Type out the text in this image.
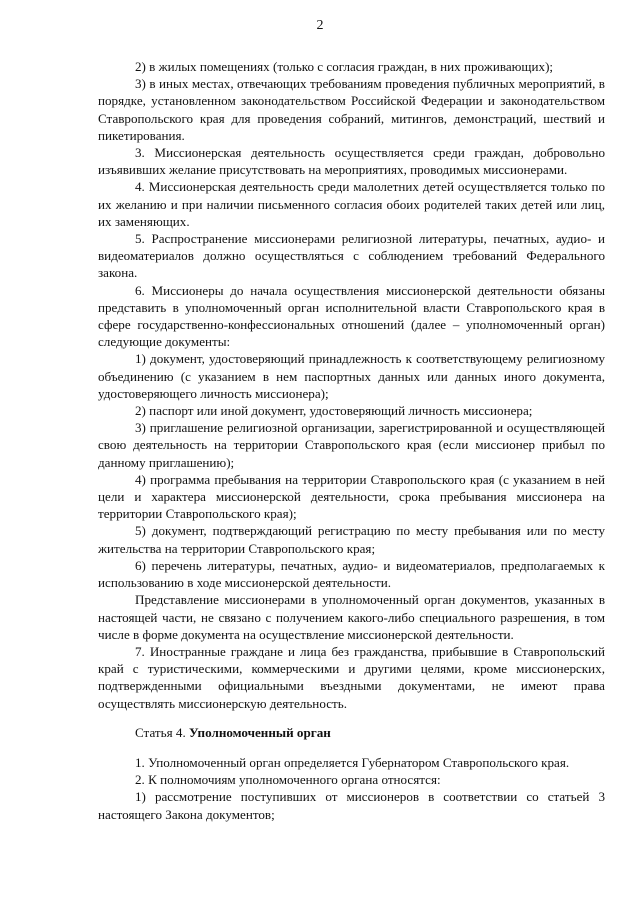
2

2) в жилых помещениях (только с согласия граждан, в них проживающих);

3) в иных местах, отвечающих требованиям проведения публичных мероприятий, в порядке, установленном законодательством Российской Федерации и законодательством Ставропольского края для проведения собраний, митингов, демонстраций, шествий и пикетирования.

3. Миссионерская деятельность осуществляется среди граждан, добровольно изъявивших желание присутствовать на мероприятиях, проводимых миссионерами.

4. Миссионерская деятельность среди малолетних детей осуществляется только по их желанию и при наличии письменного согласия обоих родителей таких детей или лиц, их заменяющих.

5. Распространение миссионерами религиозной литературы, печатных, аудио- и видеоматериалов должно осуществляться с соблюдением требований Федерального закона.

6. Миссионеры до начала осуществления миссионерской деятельности обязаны представить в уполномоченный орган исполнительной власти Ставропольского края в сфере государственно-конфессиональных отношений (далее – уполномоченный орган) следующие документы:

1) документ, удостоверяющий принадлежность к соответствующему религиозному объединению (с указанием в нем паспортных данных или данных иного документа, удостоверяющего личность миссионера);

2) паспорт или иной документ, удостоверяющий личность миссионера;

3) приглашение религиозной организации, зарегистрированной и осуществляющей свою деятельность на территории Ставропольского края (если миссионер прибыл по данному приглашению);

4) программа пребывания на территории Ставропольского края (с указанием в ней цели и характера миссионерской деятельности, срока пребывания миссионера на территории Ставропольского края);

5) документ, подтверждающий регистрацию по месту пребывания или по месту жительства на территории Ставропольского края;

6) перечень литературы, печатных, аудио- и видеоматериалов, предполагаемых к использованию в ходе миссионерской деятельности.

Представление миссионерами в уполномоченный орган документов, указанных в настоящей части, не связано с получением какого-либо специального разрешения, в том числе в форме документа на осуществление миссионерской деятельности.

7. Иностранные граждане и лица без гражданства, прибывшие в Ставропольский край с туристическими, коммерческими и другими целями, кроме миссионерских, подтвержденными официальными въездными документами, не имеют права осуществлять миссионерскую деятельность.

Статья 4. Уполномоченный орган

1. Уполномоченный орган определяется Губернатором Ставропольского края.

2. К полномочиям уполномоченного органа относятся:

1) рассмотрение поступивших от миссионеров в соответствии со статьей 3 настоящего Закона документов;
